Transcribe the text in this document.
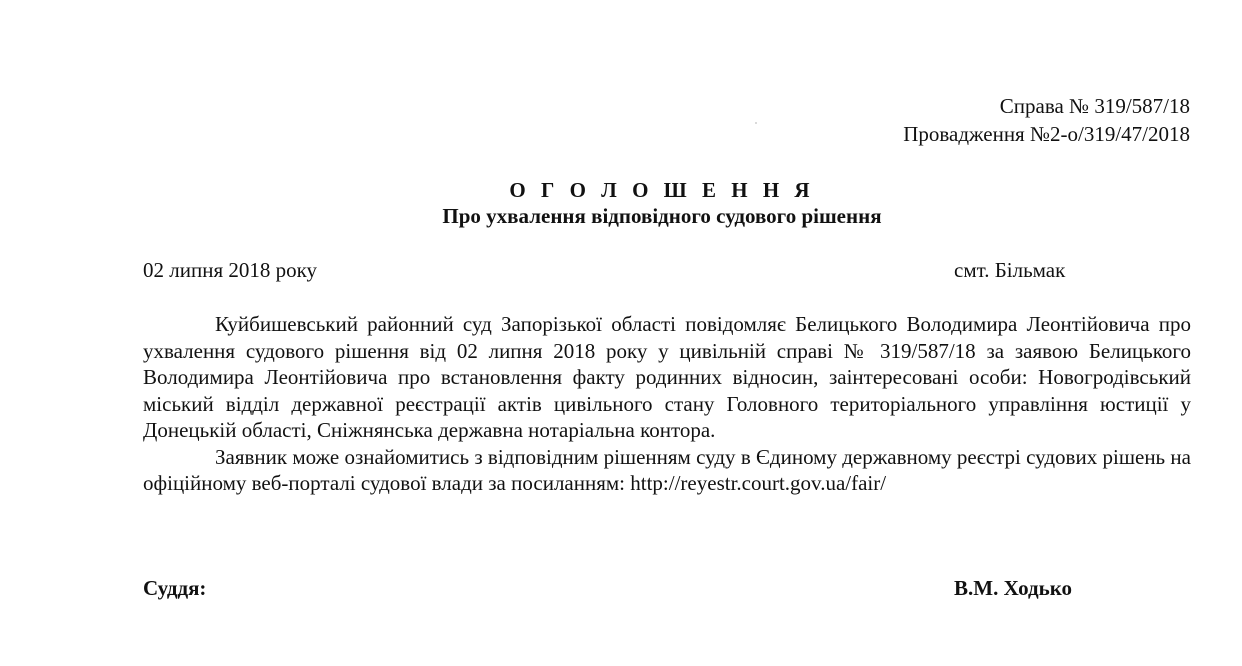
Справа № 319/587/18
Провадження №2-о/319/47/2018
О Г О Л О Ш Е Н Н Я
Про ухвалення відповідного судового рішення
02 липня 2018 року	смт. Більмак

Куйбишевський районний суд Запорізької області повідомляє Белицького Володимира Леонтійовича про ухвалення судового рішення від 02 липня 2018 року у цивільній справі № 319/587/18 за заявою Белицького Володимира Леонтійовича про встановлення факту родинних відносин, заінтересовані особи: Новогродівський міський відділ державної реєстрації актів цивільного стану Головного територіального управління юстиції у Донецькій області, Сніжнянська державна нотаріальна контора.

Заявник може ознайомитись з відповідним рішенням суду в Єдиному державному реєстрі судових рішень на офіційному веб-порталі судової влади за посиланням: http://reyestr.court.gov.ua/fair/

Суддя:	В.М. Ходько
